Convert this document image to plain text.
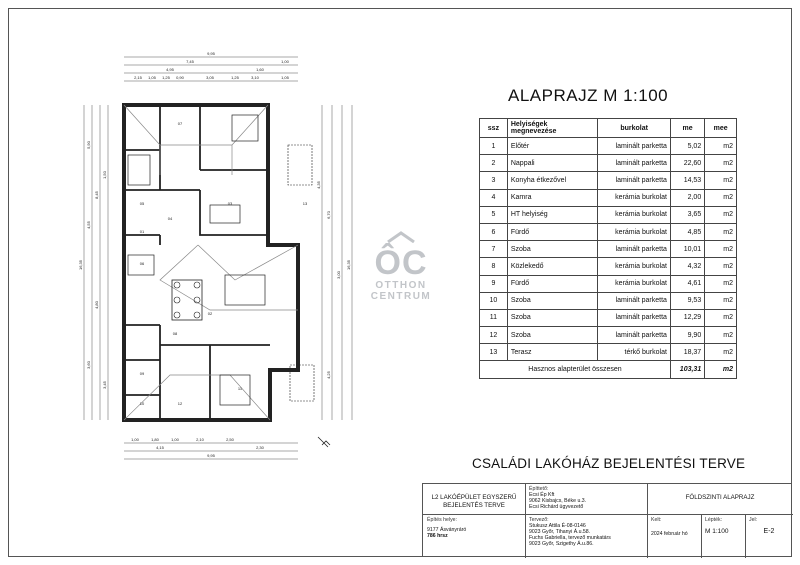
9,95
7,45	1,00
4,95	1,60
2,15 1,05 1,25 0,90	3,05	1,25	3,10	1,05
1,00	1,80	1,00	2,10	2,50
4,15	2,30
9,95
16,35
5,90
8,45
4,55
1,50
4,80
3,60
3,45
4,35
6,70
3,00
4,25
16,35
01
02
03
04
05
06
07
08
09
10
11
12
13
ALAPRAJZ M 1:100
ssz	Helyiségek megnevezése	burkolat	me	mee
1	Előtér	laminált parketta	5,02	m2
2	Nappali	laminált parketta	22,60	m2
3	Konyha étkezővel	laminált parketta	14,53	m2
4	Kamra	kerámia burkolat	2,00	m2
5	HT helyiség	kerámia burkolat	3,65	m2
6	Fürdő	kerámia burkolat	4,85	m2
7	Szoba	laminált parketta	10,01	m2
8	Közlekedő	kerámia burkolat	4,32	m2
9	Fürdő	kerámia burkolat	4,61	m2
10	Szoba	laminált parketta	9,53	m2
11	Szoba	laminált parketta	12,29	m2
12	Szoba	laminált parketta	9,90	m2
13	Terasz	térkő burkolat	18,37	m2
Hasznos alapterület összesen			103,31	m2
ÔC
OTTHON
CENTRUM
CSALÁDI LAKÓHÁZ BEJELENTÉSI TERVE
L2 LAKÓÉPÜLET EGYSZERŰ
BEJELENTÉS TERVE
Építtető:
Ecsi Ép Kft
9062 Kisbajcs, Béke u.3.
Ecsi Richárd ügyvezető
FÖLDSZINTI ALAPRAJZ
Építés helye:
9177 Ásványráró
786 hrsz
Tervező:
Stukusz Attila É-08-0146
9023 Győr, Tihanyi Á.u.58.
Fuchs Gabriella, tervező munkatárs
9023 Győr, Szigethy Á.u.86.
Kelt:
2024 február hó
Lépték:
M 1:100
Jel:
E-2
